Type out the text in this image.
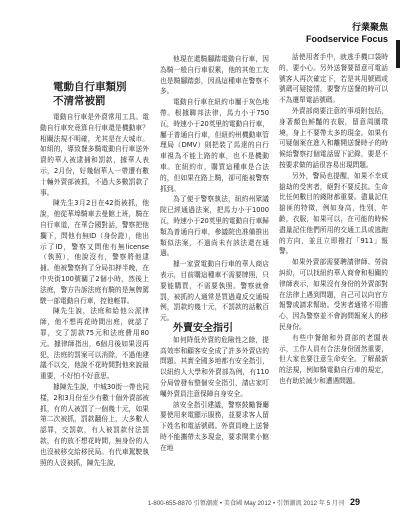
行業聚焦
Foodservice Focus

電動自行車類別

不清常被罰

電動自行車是外賣常用工具。電動自行車究竟算自行車還是機動車？相關法規不明確，尤其是在大城市。如組的，導致餐多騎電動自行車送外賣的華人被逮捕和罰款，據華人表示，2月份，好幾個華人一帶遭有數十輛外賣部被抓，不過大多數罰款了事。

陳先生3月2日在42街被抓，他說，他從華埠騎車去曼館上班，騎在自行車道，在華合國對話，警察把他攔下，問他有無ID（身份證），他出示了ID，警察又問他有無license（執照），他說沒有，警察將他逮捕。他被警察拘了分局扣押半晚，在中央街100號關了2個小時，然後上法庭，警方告訴法庭有騎的是無牌駕駛一部電動自行車，控他輕罪。

陳先生說，法庭和給他公派律師，他不想再花時間出庭，就認了罪，交了罰款75元和法庭費用80元。據律師指出，6個月後如果沒再犯，法庭的罰案可以消除，不過他建議不以交，他說不花時間對他來說最重要，不好怕不好意思。

據陳先生說，中城30街一帶也同樣，2和3月份至少有數十個外賣部被抓，有的人被罰了一個幾十元，如果第二次被抓，罰款翻倍上，大多數人認罪，交罰款，有人被罰款付法罰款，有的放不想花時間，無身份的人也沒被移交給移民局。有代車駕駛執照的人沒被抓，陳先生說，

他現在還騎腳踏電動自行車，因為騎一般自行車很累，他的其他工友也是騎腳踏彭，因爲這種車在警察不多。

電動自行車在紐約市屬于灰色地帶。根據聯邦法律，馬力小于750瓦，時速小于20英里的電動自行車，屬于普通自行車，但紐約州機動車管理局（DMV）則把裝了馬達的自行車視為不能上路的車，也不是機動車。在紐約市，購買這種車是合法的，但如果在路上騎，卻可能被警察抓到。

為了便于警察執法，紐約州眾議院已經通過法案，把馬力小于1000瓦，時速小于20英里的電動自行車歸類為普通自行車，參議院也准備推出類似法案，不過尚未有該法還在通過。

據一家賣電動自行車的華人商店表示，目前購這種車不需要牌照，只要能購買，不需要執照。警察就會罰，被抓的人通常是買過違反交通規例，罰款約幾十元，不罰款的話數百元。

外賣安全指引

如何降低外賣的危險性之餘，提高效率和顧客安全成了許多外賣店的問題。其實全國多地都有安全指引，以紐約人大學和外賣部為例，有110分局曾發布整個安全指引，請店家叮囑外賣員注意保障自身安全。

該安全指引建議，警察鼓勵餐廳要使用來電顯示服務，並要求客人留下姓名和電話號碼。外賣員晚上送餐時不能攜帶太多現金，要求開業小館在地

話使用者手中，就逃手機口袋時的，要小心。另外送餐要留意可電話號客人再次確定下，若是其用號碼或號碼可疑接情，要警方送餐的時可以不為遷單電話號碼。

外賣部商要注意的事項附包括，身著顏色鮮豔的衣服，留意周圍環境，身上不要帶太多的現金。如果有可疑個案在進入和離開送餐時子的時候給警察打個電話留下記錄，要是不按要求做的話很容易出現問題。

另外，警局也提醒，如果不幸成搶劫的受害者，絕對不要反抗。生命比任何數目的錢財都重要。盡量記住搶匪的特徵，例如身高，性別，年齡，衣服，如果可以，在可能的時候盡量記住他們所用的交通工具或逃跑的方向，並且立即撥打「911」報警。

如果外賣部需要聘請律師、勞資糾紛，可以找紐約華人商會和相關的律師表示，如果沒有身份的外賣部對在法律上遇到問題，自己可以向官方報警或請求幫助。受害者通常不用擔心，因為警察並不會詢問報案人的移民身份。

有些中餐館和外賣部的老闆表示，工作人員有合法身份固然重要，但大家也要注意生命安全。了解最新的法規，例如騎電動自行車的規定，也有助於減少和遭遇問題。

1-800-655-8870 引領潮流 • 美食國 May 2012 • 引領潮流 2012 年 5 月刊 29
